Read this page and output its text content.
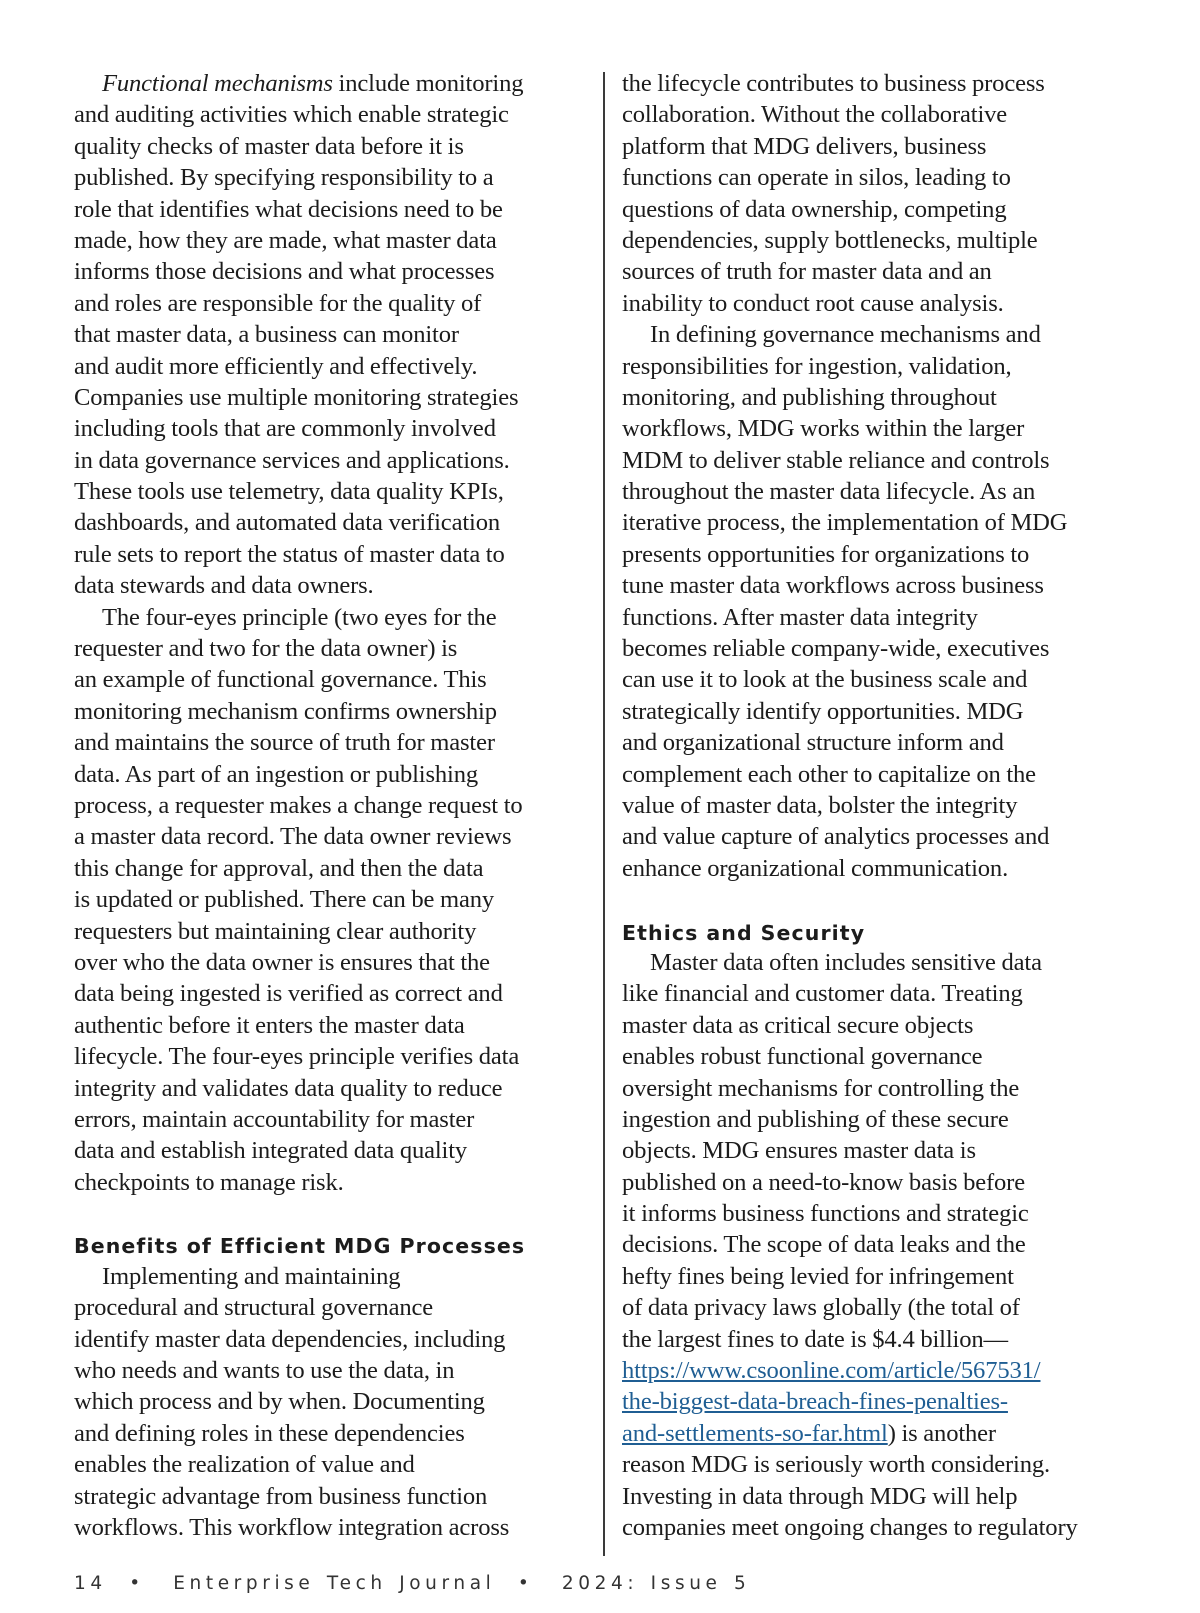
Functional mechanisms include monitoring
and auditing activities which enable strategic
quality checks of master data before it is
published. By specifying responsibility to a
role that identifies what decisions need to be
made, how they are made, what master data
informs those decisions and what processes
and roles are responsible for the quality of
that master data, a business can monitor
and audit more efficiently and effectively.
Companies use multiple monitoring strategies
including tools that are commonly involved
in data governance services and applications.
These tools use telemetry, data quality KPIs,
dashboards, and automated data verification
rule sets to report the status of master data to
data stewards and data owners.
The four-eyes principle (two eyes for the
requester and two for the data owner) is
an example of functional governance. This
monitoring mechanism confirms ownership
and maintains the source of truth for master
data. As part of an ingestion or publishing
process, a requester makes a change request to
a master data record. The data owner reviews
this change for approval, and then the data
is updated or published. There can be many
requesters but maintaining clear authority
over who the data owner is ensures that the
data being ingested is verified as correct and
authentic before it enters the master data
lifecycle. The four-eyes principle verifies data
integrity and validates data quality to reduce
errors, maintain accountability for master
data and establish integrated data quality
checkpoints to manage risk.
Benefits of Efficient MDG Processes
Implementing and maintaining
procedural and structural governance
identify master data dependencies, including
who needs and wants to use the data, in
which process and by when. Documenting
and defining roles in these dependencies
enables the realization of value and
strategic advantage from business function
workflows. This workflow integration across
the lifecycle contributes to business process
collaboration. Without the collaborative
platform that MDG delivers, business
functions can operate in silos, leading to
questions of data ownership, competing
dependencies, supply bottlenecks, multiple
sources of truth for master data and an
inability to conduct root cause analysis.
In defining governance mechanisms and
responsibilities for ingestion, validation,
monitoring, and publishing throughout
workflows, MDG works within the larger
MDM to deliver stable reliance and controls
throughout the master data lifecycle. As an
iterative process, the implementation of MDG
presents opportunities for organizations to
tune master data workflows across business
functions. After master data integrity
becomes reliable company-wide, executives
can use it to look at the business scale and
strategically identify opportunities. MDG
and organizational structure inform and
complement each other to capitalize on the
value of master data, bolster the integrity
and value capture of analytics processes and
enhance organizational communication.
Ethics and Security
Master data often includes sensitive data
like financial and customer data. Treating
master data as critical secure objects
enables robust functional governance
oversight mechanisms for controlling the
ingestion and publishing of these secure
objects. MDG ensures master data is
published on a need-to-know basis before
it informs business functions and strategic
decisions. The scope of data leaks and the
hefty fines being levied for infringement
of data privacy laws globally (the total of
the largest fines to date is $4.4 billion—
https://www.csoonline.com/article/567531/
the-biggest-data-breach-fines-penalties-
and-settlements-so-far.html) is another
reason MDG is seriously worth considering.
Investing in data through MDG will help
companies meet ongoing changes to regulatory
14 • Enterprise Tech Journal • 2024: Issue 5
